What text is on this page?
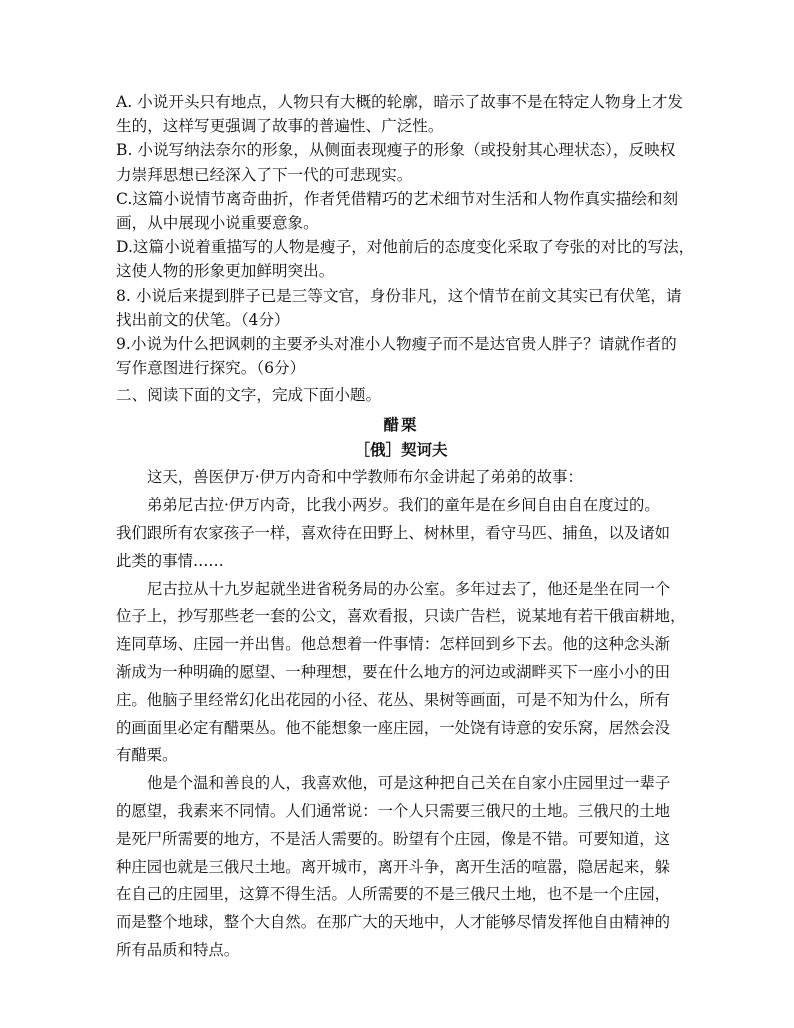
A. 小说开头只有地点，人物只有大概的轮廓，暗示了故事不是在特定人物身上才发
生的，这样写更强调了故事的普遍性、广泛性。
B. 小说写纳法奈尔的形象，从侧面表现瘦子的形象（或投射其心理状态），反映权
力崇拜思想已经深入了下一代的可悲现实。
C.这篇小说情节离奇曲折，作者凭借精巧的艺术细节对生活和人物作真实描绘和刻
画，从中展现小说重要意象。
D.这篇小说着重描写的人物是瘦子，对他前后的态度变化采取了夸张的对比的写法，
这使人物的形象更加鲜明突出。
8. 小说后来提到胖子已是三等文官，身份非凡，这个情节在前文其实已有伏笔，请
找出前文的伏笔。（4分）
9.小说为什么把讽刺的主要矛头对准小人物瘦子而不是达官贵人胖子？请就作者的
写作意图进行探究。（6分）
二、阅读下面的文字，完成下面小题。
醋栗
［俄］契诃夫
这天，兽医伊万·伊万内奇和中学教师布尔金讲起了弟弟的故事：
弟弟尼古拉·伊万内奇，比我小两岁。我们的童年是在乡间自由自在度过的。
我们跟所有农家孩子一样，喜欢待在田野上、树林里，看守马匹、捕鱼，以及诸如
此类的事情……
尼古拉从十九岁起就坐进省税务局的办公室。多年过去了，他还是坐在同一个
位子上，抄写那些老一套的公文，喜欢看报，只读广告栏，说某地有若干俄亩耕地，
连同草场、庄园一并出售。他总想着一件事情：怎样回到乡下去。他的这种念头渐
渐成为一种明确的愿望、一种理想，要在什么地方的河边或湖畔买下一座小小的田
庄。他脑子里经常幻化出花园的小径、花丛、果树等画面，可是不知为什么，所有
的画面里必定有醋栗丛。他不能想象一座庄园，一处饶有诗意的安乐窝，居然会没
有醋栗。
他是个温和善良的人，我喜欢他，可是这种把自己关在自家小庄园里过一辈子
的愿望，我素来不同情。人们通常说：一个人只需要三俄尺的土地。三俄尺的土地
是死尸所需要的地方，不是活人需要的。盼望有个庄园，像是不错。可要知道，这
种庄园也就是三俄尺土地。离开城市，离开斗争，离开生活的喧嚣，隐居起来，躲
在自己的庄园里，这算不得生活。人所需要的不是三俄尺土地，也不是一个庄园，
而是整个地球，整个大自然。在那广大的天地中，人才能够尽情发挥他自由精神的
所有品质和特点。
